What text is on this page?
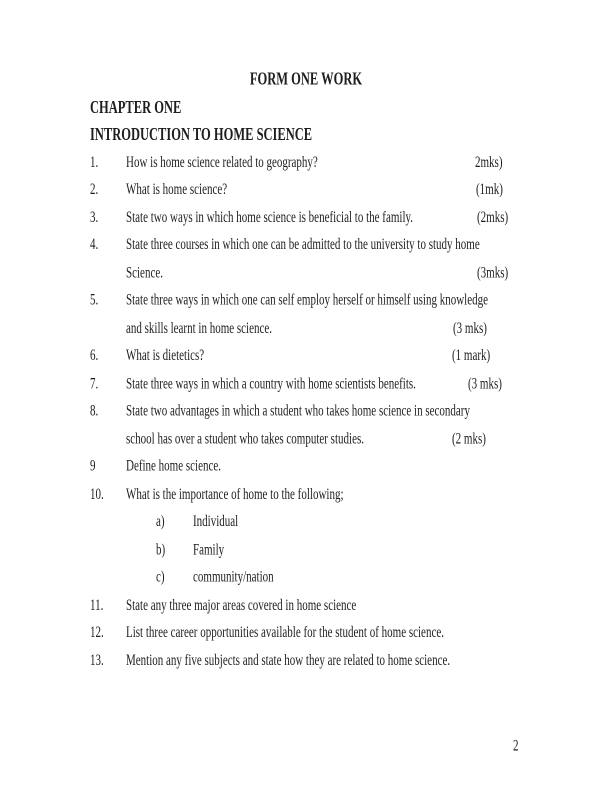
FORM ONE WORK
CHAPTER ONE
INTRODUCTION TO HOME SCIENCE
1.	How is home science related to geography?	2mks)
2.	What is home science?	(1mk)
3.	State two ways in which home science is beneficial to the family.	(2mks)
4.	State three courses in which one can be admitted to the university to study home
Science.	(3mks)
5.	State three ways in which one can self employ herself or himself using knowledge
and skills learnt in home science.	(3 mks)
6.	What is dietetics?	(1 mark)
7.	State three ways in which a country with home scientists benefits.	(3 mks)
8.	State two advantages in which a student who takes home science in secondary
school has over a student who takes computer studies.	(2 mks)
9	Define home science.
10. What is the importance of home to the following;
a)	Individual
b)	Family
c)	community/nation
11. State any three major areas covered in home science
12. List three career opportunities available for the student of home science.
13. Mention any five subjects and state how they are related to home science.
2
